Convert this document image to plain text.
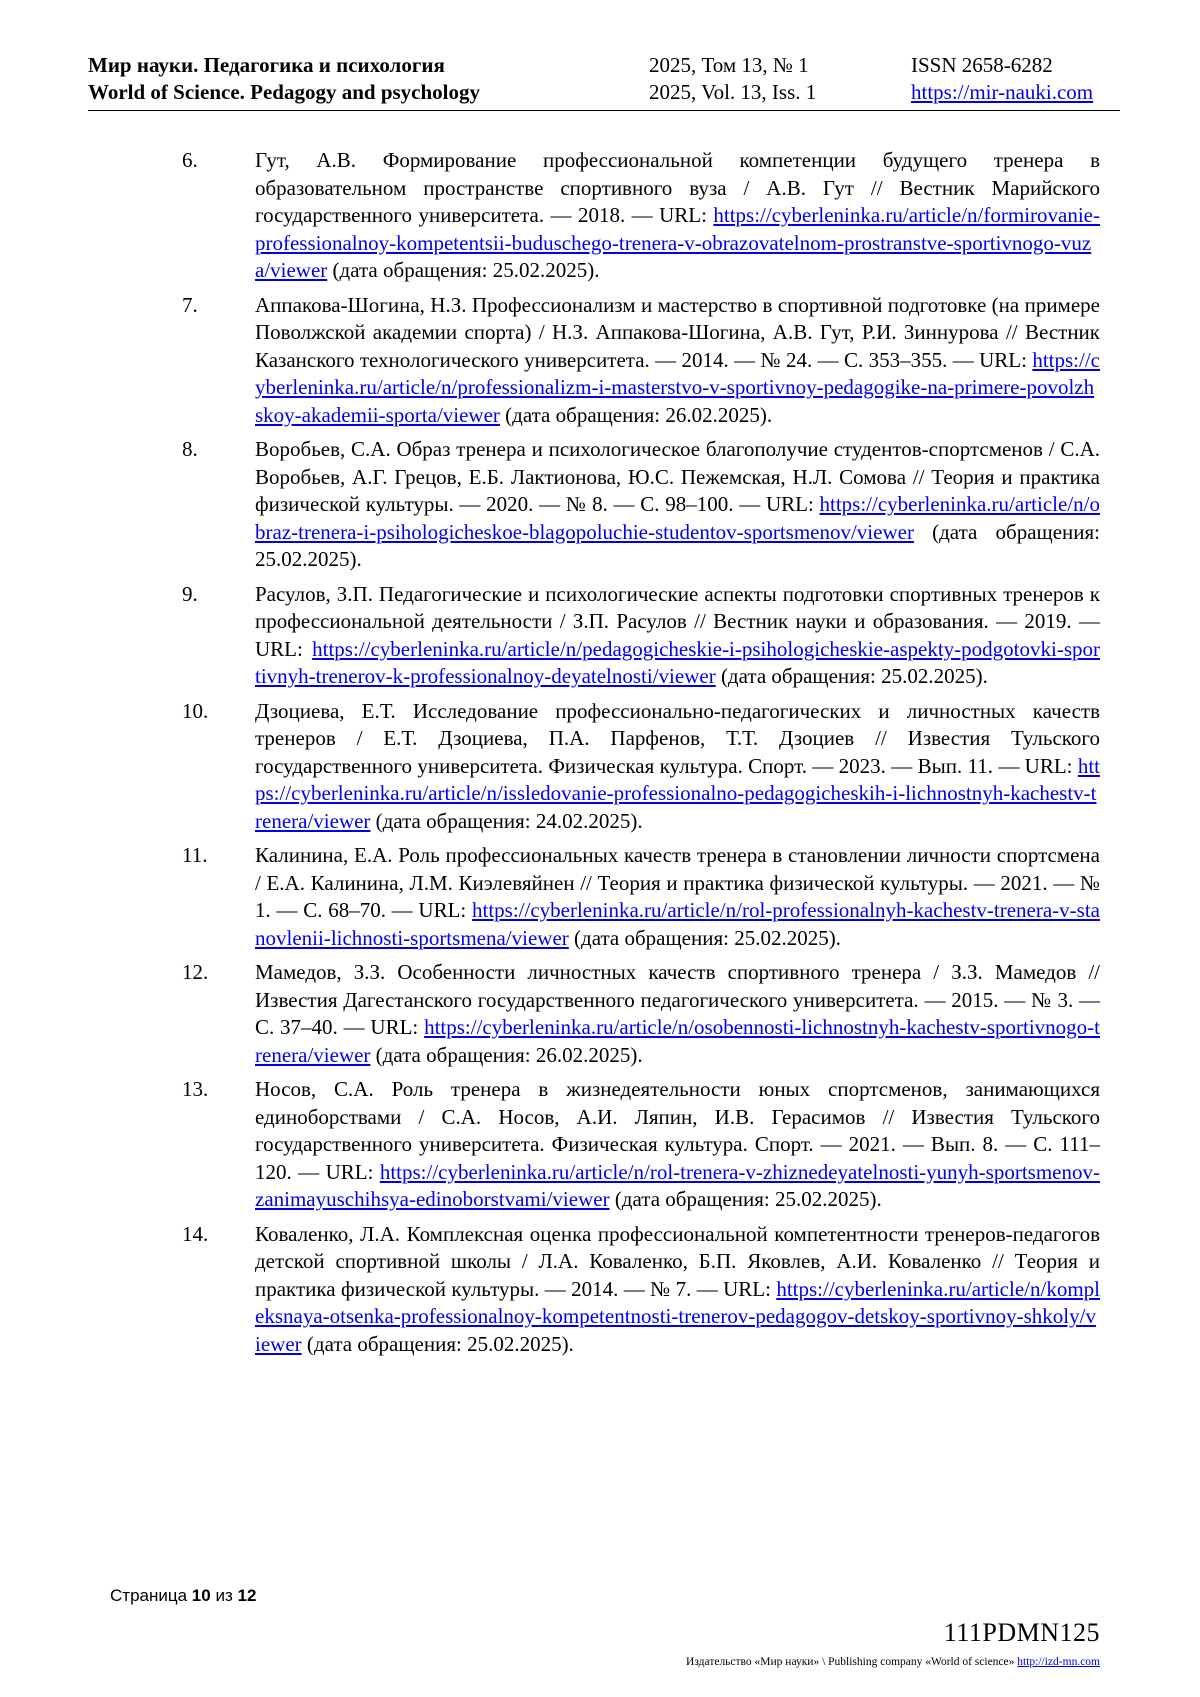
Мир науки. Педагогика и психология
World of Science. Pedagogy and psychology
2025, Том 13, № 1
2025, Vol. 13, Iss. 1
ISSN 2658-6282
https://mir-nauki.com
6.	Гут, А.В. Формирование профессиональной компетенции будущего тренера в образовательном пространстве спортивного вуза / А.В. Гут // Вестник Марийского государственного университета. — 2018. — URL: https://cyberleninka.ru/article/n/formirovanie-professionalnoy-kompetentsii-buduschego-trenera-v-obrazovatelnom-prostranstve-sportivnogo-vuza/viewer (дата обращения: 25.02.2025).
7.	Аппакова-Шогина, Н.З. Профессионализм и мастерство в спортивной подготовке (на примере Поволжской академии спорта) / Н.З. Аппакова-Шогина, А.В. Гут, Р.И. Зиннурова // Вестник Казанского технологического университета. — 2014. — № 24. — С. 353–355. — URL: https://cyberleninka.ru/article/n/professionalizm-i-masterstvo-v-sportivnoy-pedagogike-na-primere-povolzhskoy-akademii-sporta/viewer (дата обращения: 26.02.2025).
8.	Воробьев, С.А. Образ тренера и психологическое благополучие студентов-спортсменов / С.А. Воробьев, А.Г. Грецов, Е.Б. Лактионова, Ю.С. Пежемская, Н.Л. Сомова // Теория и практика физической культуры. — 2020. — № 8. — С. 98–100. — URL: https://cyberleninka.ru/article/n/obraz-trenera-i-psihologicheskoe-blagopoluchie-studentov-sportsmenov/viewer (дата обращения: 25.02.2025).
9.	Расулов, З.П. Педагогические и психологические аспекты подготовки спортивных тренеров к профессиональной деятельности / З.П. Расулов // Вестник науки и образования. — 2019. — URL: https://cyberleninka.ru/article/n/pedagogicheskie-i-psihologicheskie-aspekty-podgotovki-sportivnyh-trenerov-k-professionalnoy-deyatelnosti/viewer (дата обращения: 25.02.2025).
10. Дзоциева, Е.Т. Исследование профессионально-педагогических и личностных качеств тренеров / Е.Т. Дзоциева, П.А. Парфенов, Т.Т. Дзоциев // Известия Тульского государственного университета. Физическая культура. Спорт. — 2023. — Вып. 11. — URL: https://cyberleninka.ru/article/n/issledovanie-professionalno-pedagogicheskih-i-lichnostnyh-kachestv-trenera/viewer (дата обращения: 24.02.2025).
11. Калинина, Е.А. Роль профессиональных качеств тренера в становлении личности спортсмена / Е.А. Калинина, Л.М. Киэлевяйнен // Теория и практика физической культуры. — 2021. — № 1. — С. 68–70. — URL: https://cyberleninka.ru/article/n/rol-professionalnyh-kachestv-trenera-v-stanovlenii-lichnosti-sportsmena/viewer (дата обращения: 25.02.2025).
12. Мамедов, З.З. Особенности личностных качеств спортивного тренера / З.З. Мамедов // Известия Дагестанского государственного педагогического университета. — 2015. — № 3. — С. 37–40. — URL: https://cyberleninka.ru/article/n/osobennosti-lichnostnyh-kachestv-sportivnogo-trenera/viewer (дата обращения: 26.02.2025).
13. Носов, С.А. Роль тренера в жизнедеятельности юных спортсменов, занимающихся единоборствами / С.А. Носов, А.И. Ляпин, И.В. Герасимов // Известия Тульского государственного университета. Физическая культура. Спорт. — 2021. — Вып. 8. — С. 111–120. — URL: https://cyberleninka.ru/article/n/rol-trenera-v-zhiznedeyatelnosti-yunyh-sportsmenov-zanimayuschihsya-edinoborstvami/viewer (дата обращения: 25.02.2025).
14. Коваленко, Л.А. Комплексная оценка профессиональной компетентности тренеров-педагогов детской спортивной школы / Л.А. Коваленко, Б.П. Яковлев, А.И. Коваленко // Теория и практика физической культуры. — 2014. — № 7. — URL: https://cyberleninka.ru/article/n/kompleksnaya-otsenka-professionalnoy-kompetentnosti-trenerov-pedagogov-detskoy-sportivnoy-shkoly/viewer (дата обращения: 25.02.2025).
Страница 10 из 12
111PDMN125
Издательство «Мир науки» \ Publishing company «World of science» http://izd-mn.com
